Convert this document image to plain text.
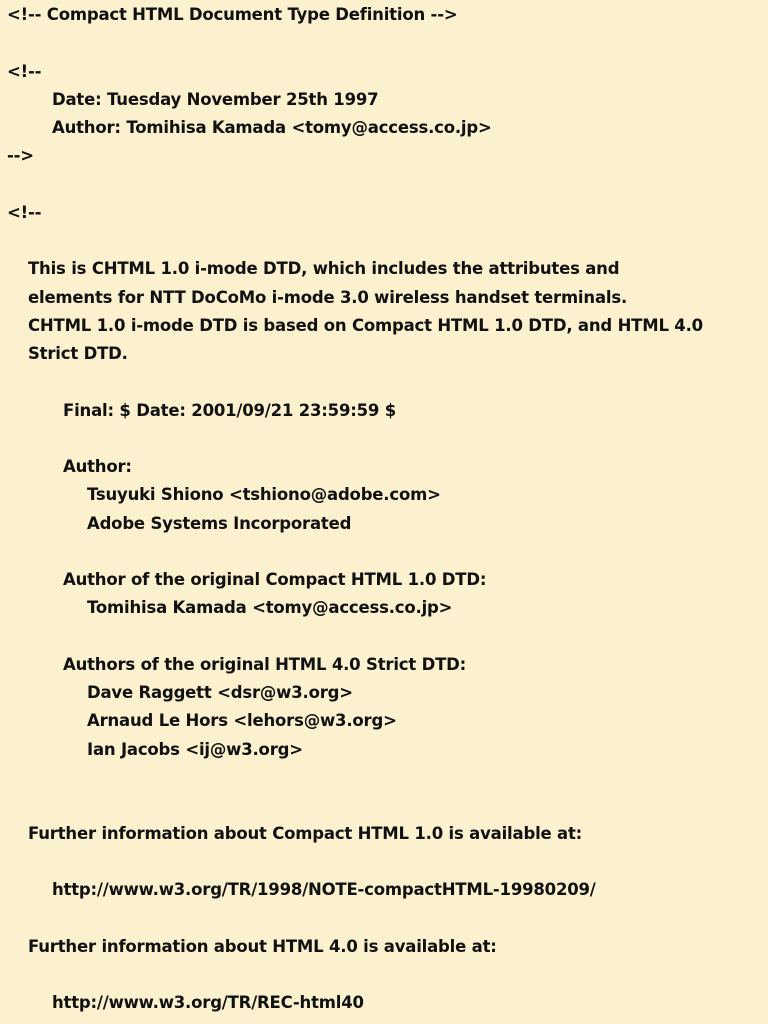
<!-- Compact HTML Document Type Definition -->
<!--
Date: Tuesday November 25th 1997
Author: Tomihisa Kamada <tomy@access.co.jp>
-->
<!--
This is CHTML 1.0 i-mode DTD, which includes the attributes and
elements for NTT DoCoMo i-mode 3.0 wireless handset terminals.
CHTML 1.0 i-mode DTD is based on Compact HTML 1.0 DTD, and HTML 4.0
Strict DTD.
Final: $ Date: 2001/09/21 23:59:59 $
Author:
Tsuyuki Shiono <tshiono@adobe.com>
Adobe Systems Incorporated
Author of the original Compact HTML 1.0 DTD:
Tomihisa Kamada <tomy@access.co.jp>
Authors of the original HTML 4.0 Strict DTD:
Dave Raggett <dsr@w3.org>
Arnaud Le Hors <lehors@w3.org>
Ian Jacobs <ij@w3.org>
Further information about Compact HTML 1.0 is available at:
http://www.w3.org/TR/1998/NOTE-compactHTML-19980209/
Further information about HTML 4.0 is available at:
http://www.w3.org/TR/REC-html40
